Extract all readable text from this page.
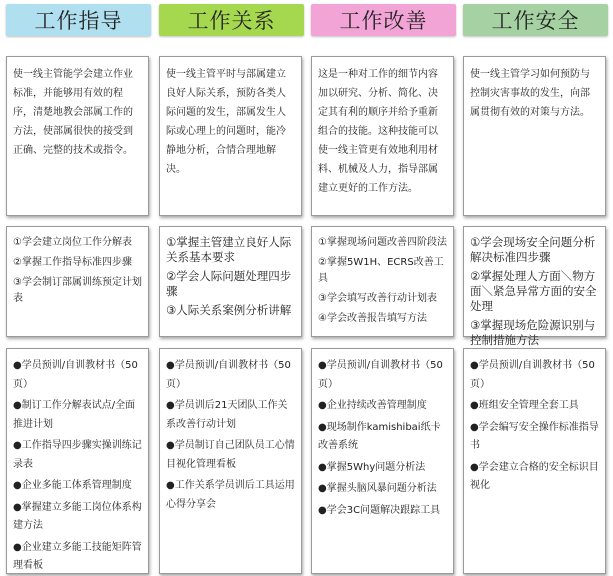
工作指导
使一线主管能学会建立作业标准，并能够用有效的程序，清楚地教会部属工作的方法，使部属很快的接受到正确、完整的技术或指令。
①学会建立岗位工作分解表
②掌握工作指导标准四步骤
③学会制订部属训练预定计划表
●学员预训/自训教材书（50页）
●制订工作分解表试点/全面推进计划
●工作指导四步骤实操训练记录表
●企业多能工体系管理制度
●掌握建立多能工岗位体系构建方法
●企业建立多能工技能矩阵管理看板
工作关系
使一线主管平时与部属建立良好人际关系，预防各类人际问题的发生，部属发生人际或心理上的问题时，能冷静地分析，合情合理地解决。
①掌握主管建立良好人际关系基本要求
②学会人际问题处理四步骤
③人际关系案例分析讲解
●学员预训/自训教材书（50页）
●学员训后21天团队工作关系改善行动计划
●学员制订自己团队员工心情目视化管理看板
●工作关系学员训后工具运用心得分享会
工作改善
这是一种对工作的细节内容加以研究、分析、简化、决定其有利的顺序并给予重新组合的技能。这种技能可以使一线主管更有效地利用材料、机械及人力，指导部属建立更好的工作方法。
①掌握现场问题改善四阶段法
②掌握5W1H、ECRS改善工具
③学会填写改善行动计划表
④学会改善报告填写方法
●学员预训/自训教材书（50页）
●企业持续改善管理制度
●现场制作kamishibai纸卡改善系统
●掌握5Why问题分析法
●掌握头脑风暴问题分析法
●学会3C问题解决跟踪工具
工作安全
使一线主管学习如何预防与控制灾害事故的发生，向部属贯彻有效的对策与方法。
①学会现场安全问题分析解决标准四步骤
②掌握处理人方面＼物方面＼紧急异常方面的安全处理
③掌握现场危险源识别与控制措施方法
●学员预训/自训教材书（50页）
●班组安全管理全套工具
●学会编写安全操作标准指导书
●学会建立合格的安全标识目视化
